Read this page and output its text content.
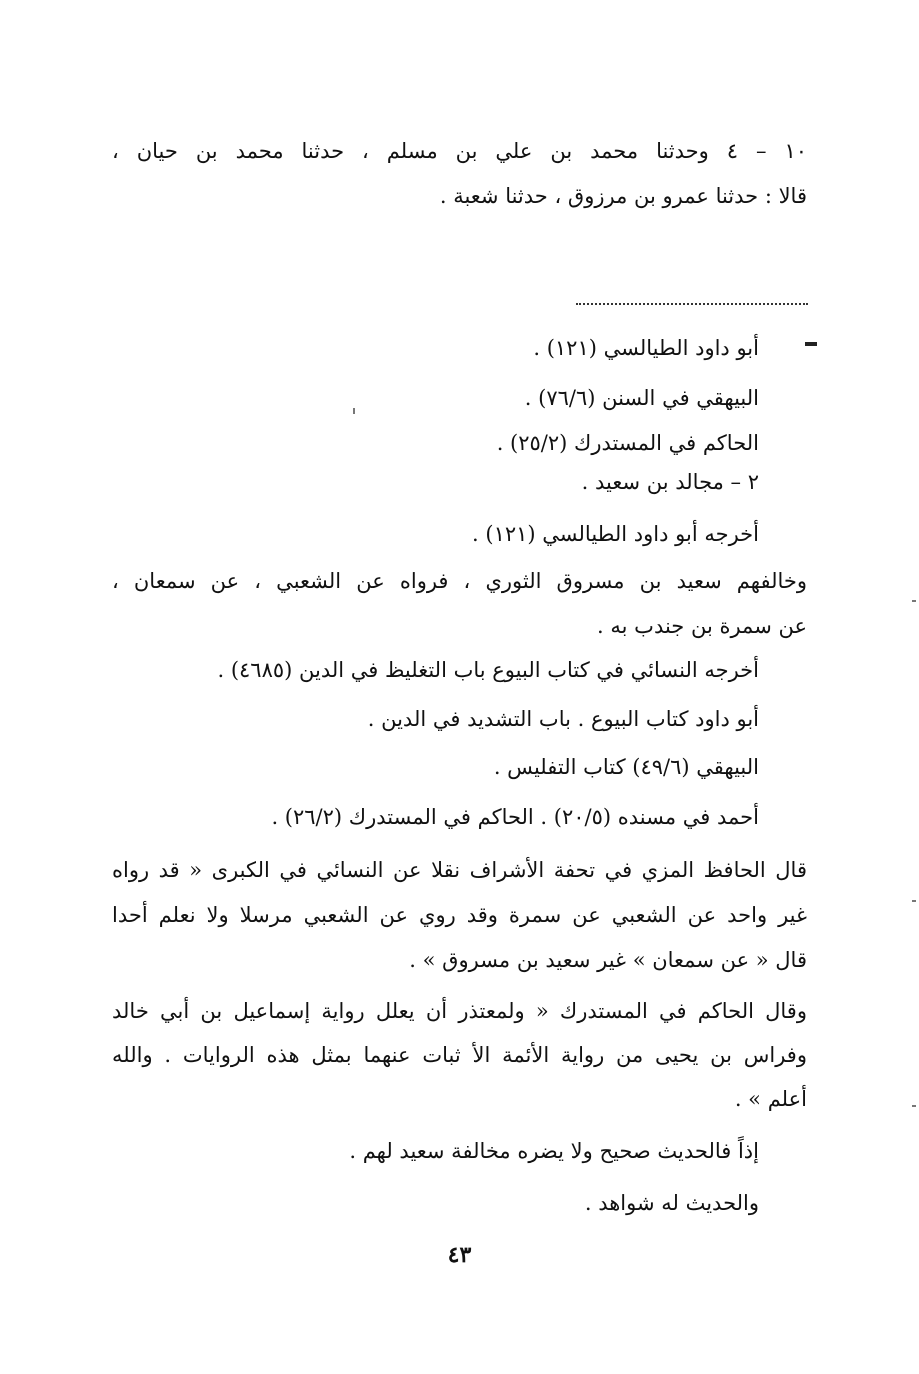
١٠ – ٤ وحدثنا محمد بن علي بن مسلم ، حدثنا محمد بن حيان ،
قالا : حدثنا عمرو بن مرزوق ، حدثنا شعبة .
أبو داود الطيالسي (١٢١) .
البيهقي في السنن (٧٦/٦) .
الحاكم في المستدرك (٢٥/٢) .
٢ – مجالد بن سعيد .
أخرجه أبو داود الطيالسي (١٢١) .
وخالفهم سعيد بن مسروق الثوري ، فرواه عن الشعبي ، عن سمعان ،
عن سمرة بن جندب به .
أخرجه النسائي في كتاب البيوع باب التغليظ في الدين (٤٦٨٥) .
أبو داود كتاب البيوع . باب التشديد في الدين .
البيهقي (٤٩/٦) كتاب التفليس .
أحمد في مسنده (٢٠/٥) . الحاكم في المستدرك (٢٦/٢) .
قال الحافظ المزي في تحفة الأشراف نقلا عن النسائي في الكبرى « قد رواه
غير واحد عن الشعبي عن سمرة وقد روي عن الشعبي مرسلا ولا نعلم أحدا
قال « عن سمعان » غير سعيد بن مسروق » .
وقال الحاكم في المستدرك « ولمعتذر أن يعلل رواية إسماعيل بن أبي خالد
وفراس بن يحيى من رواية الأئمة الأ ثبات عنهما بمثل هذه الروايات . والله
أعلم » .
إذاً فالحديث صحيح ولا يضره مخالفة سعيد لهم .
والحديث له شواهد .
٤٣
